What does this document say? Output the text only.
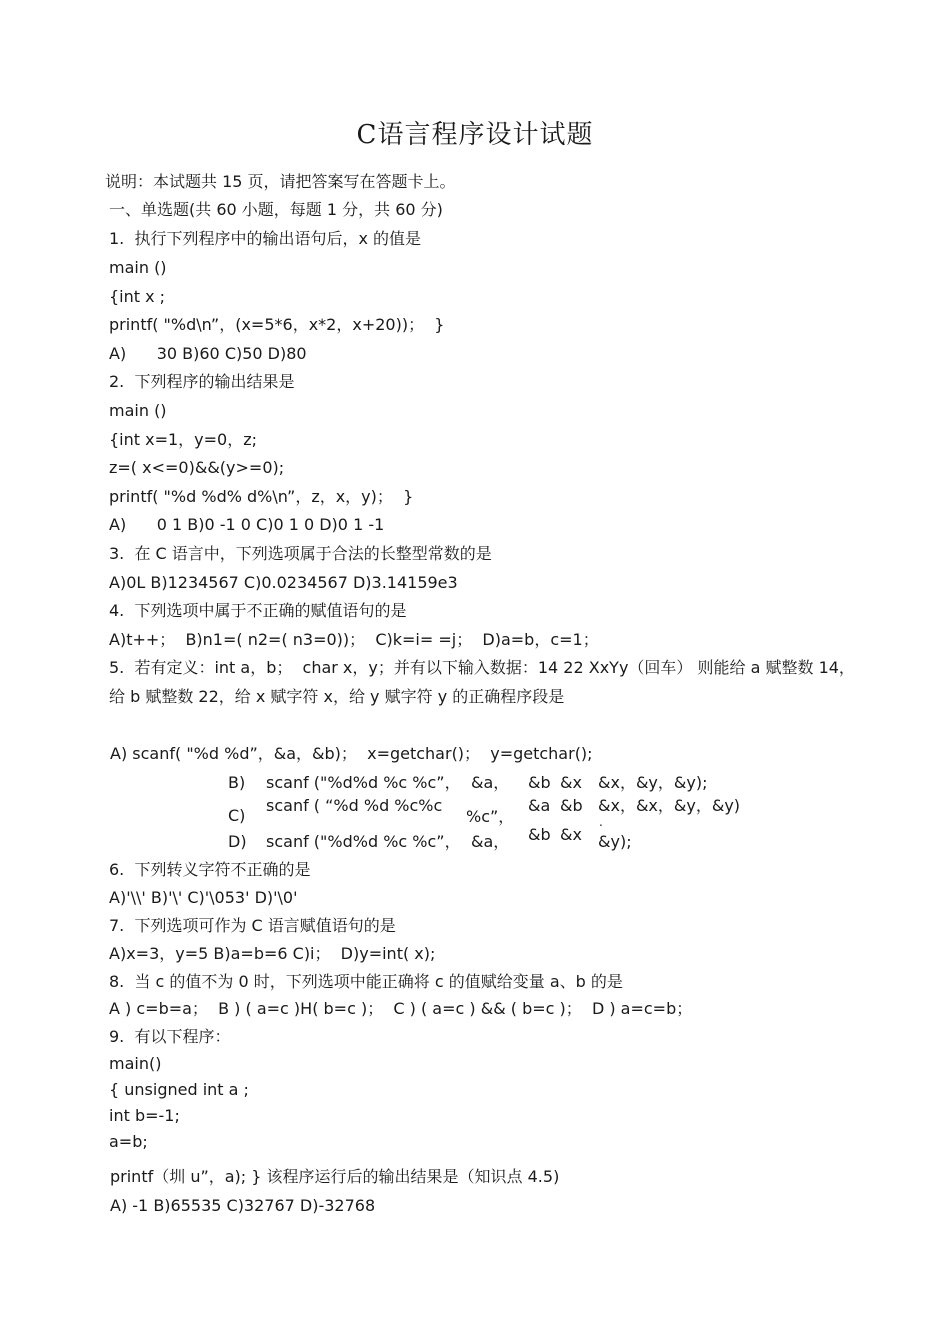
C语言程序设计试题
说明：本试题共 15 页，请把答案写在答题卡上。
一、单选题(共 60 小题，每题 1 分，共 60 分)
1.  执行下列程序中的输出语句后，x 的值是
main ()
{int x ;
printf( "%d\n”，(x=5*6，x*2，x+20))；  }
A)      30 B)60 C)50 D)80
2.  下列程序的输出结果是
main ()
{int x=1，y=0，z;
z=( x<=0)&&(y>=0);
printf( "%d %d% d%\n”，z，x，y)；  }
A)      0 1 B)0 -1 0 C)0 1 0 D)0 1 -1
3.  在 C 语言中，下列选项属于合法的长整型常数的是
A)0L B)1234567 C)0.0234567 D)3.14159e3
4.  下列选项中属于不正确的赋值语句的是
A)t++；  B)n1=( n2=( n3=0))；  C)k=i= =j；  D)a=b，c=1；
5.  若有定义：int a，b；  char x，y；并有以下输入数据：14 22 XxYy（回车） 则能给 a 赋整数 14，
给 b 赋整数 22，给 x 赋字符 x，给 y 赋字符 y 的正确程序段是
A) scanf( "%d %d”，&a，&b)；  x=getchar()；  y=getchar();
B) scanf ("%d%d %c %c”， &a， &b &x &x，&y，&y);
C)
scanf ( “%d %d %c%c

%c”，
&a &b &x，&x，&y，&y)
.
D) scanf ("%d%d %c %c”， &a， &b &x &y);
6.  下列转义字符不正确的是
A)'\\' B)'\' C)'\053' D)'\0'
7.  下列选项可作为 C 语言赋值语句的是
A)x=3，y=5 B)a=b=6 C)i；  D)y=int( x);
8.  当 c 的值不为 0 时，下列选项中能正确将 c 的值赋给变量 a、b 的是
A ) c=b=a；  B ) ( a=c )H( b=c )；  C ) ( a=c ) && ( b=c )；  D ) a=c=b；
9.  有以下程序：
main()
{ unsigned int a ;
int b=-1;
a=b;
printf（圳 u”，a); } 该程序运行后的输出结果是（知识点 4.5)
A) -1 B)65535 C)32767 D)-32768
